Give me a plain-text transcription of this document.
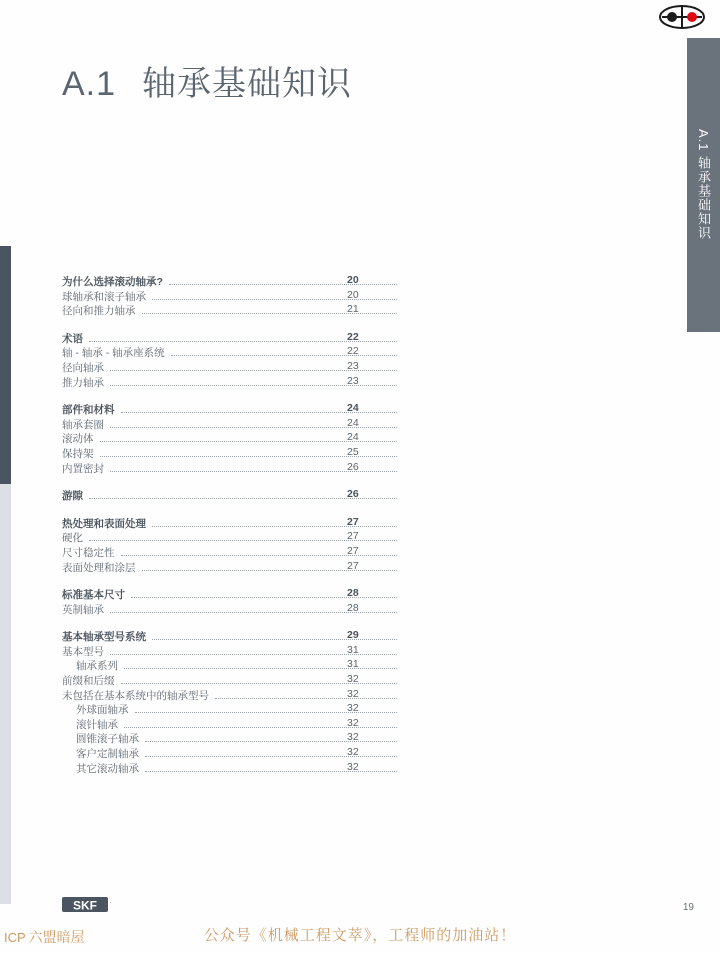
A.1 轴承基础知识
A.1 轴承基础知识
为什么选择滚动轴承?	20
球轴承和滚子轴承	20
径向和推力轴承	21
术语	22
轴 - 轴承 - 轴承座系统	22
径向轴承	23
推力轴承	23
部件和材料	24
轴承套圈	24
滚动体	24
保持架	25
内置密封	26
游隙	26
热处理和表面处理	27
硬化	27
尺寸稳定性	27
表面处理和涂层	27
标准基本尺寸	28
英制轴承	28
基本轴承型号系统	29
基本型号	31
轴承系列	31
前缀和后缀	32
未包括在基本系统中的轴承型号	32
外球面轴承	32
滚针轴承	32
圆锥滚子轴承	32
客户定制轴承	32
其它滚动轴承	32
SKF .	19
公众号《机械工程文萃》，工程师的加油站！
ICP 六盟暗屋
